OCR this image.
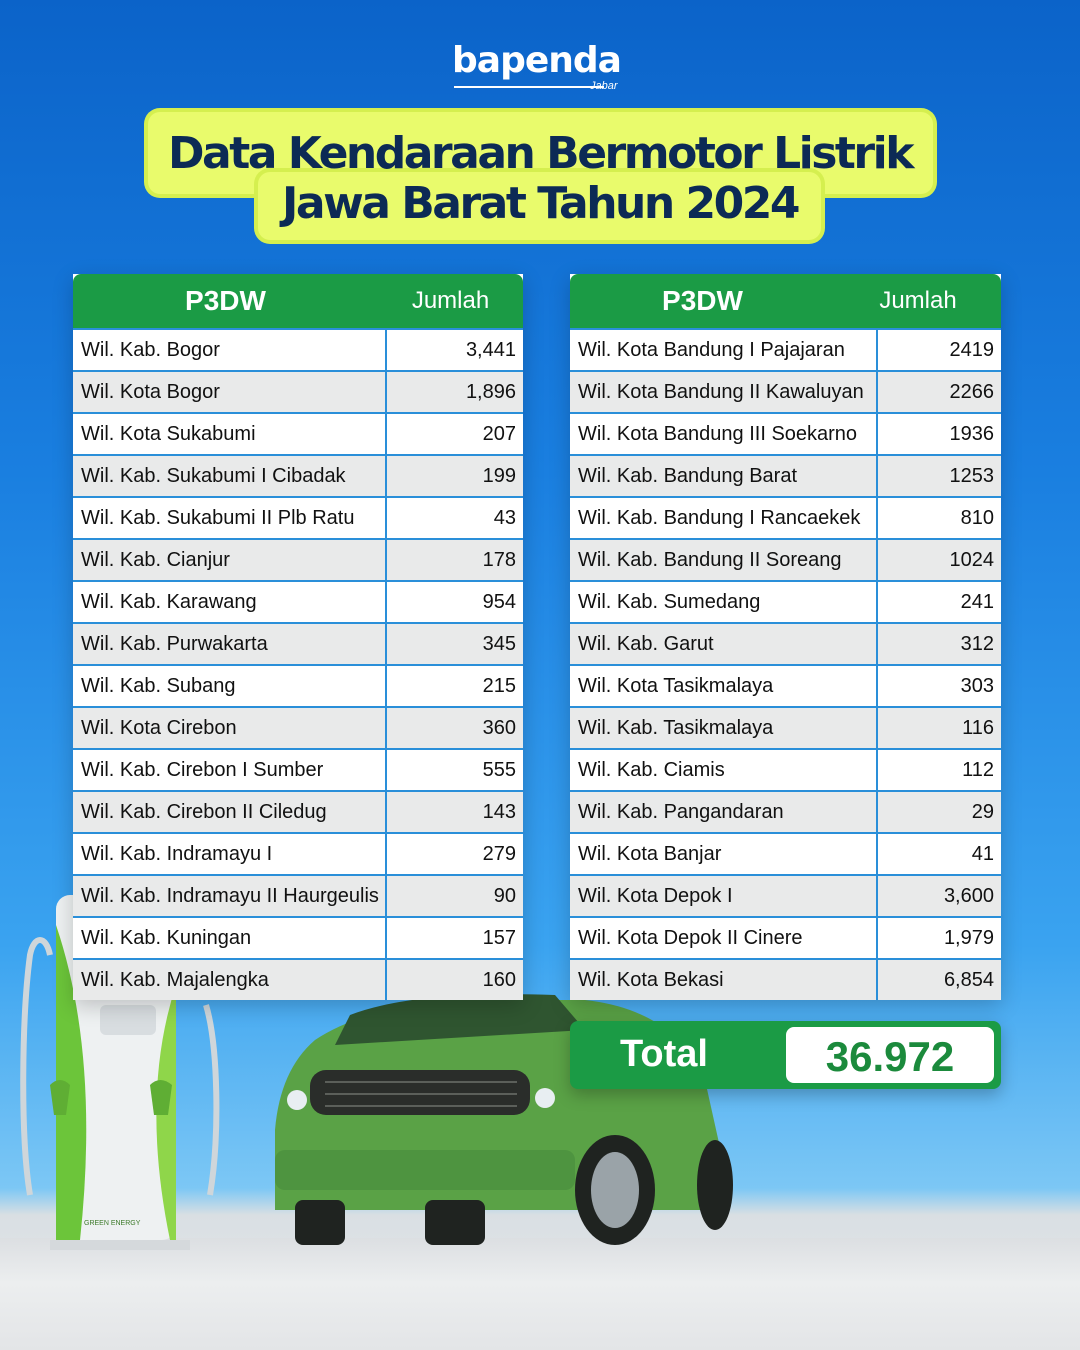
bapenda
Jabar
Data Kendaraan Bermotor Listrik
Jawa Barat Tahun 2024
GREEN ENERGY
P3DW	Jumlah
Wil. Kab. Bogor	3,441
Wil. Kota Bogor	1,896
Wil. Kota Sukabumi	207
Wil. Kab. Sukabumi I Cibadak	199
Wil. Kab. Sukabumi II Plb Ratu	43
Wil. Kab. Cianjur	178
Wil. Kab. Karawang	954
Wil. Kab. Purwakarta	345
Wil. Kab. Subang	215
Wil. Kota Cirebon	360
Wil. Kab. Cirebon I Sumber	555
Wil. Kab. Cirebon II Ciledug	143
Wil. Kab. Indramayu I	279
Wil. Kab. Indramayu II Haurgeulis	90
Wil. Kab. Kuningan	157
Wil. Kab. Majalengka	160
P3DW	Jumlah
Wil. Kota Bandung I Pajajaran	2419
Wil. Kota Bandung II Kawaluyan	2266
Wil. Kota Bandung III Soekarno	1936
Wil. Kab. Bandung Barat	1253
Wil. Kab. Bandung I Rancaekek	810
Wil. Kab. Bandung II Soreang	1024
Wil. Kab. Sumedang	241
Wil. Kab. Garut	312
Wil. Kota Tasikmalaya	303
Wil. Kab. Tasikmalaya	116
Wil. Kab. Ciamis	112
Wil. Kab. Pangandaran	29
Wil. Kota Banjar	41
Wil. Kota Depok I	3,600
Wil. Kota Depok II Cinere	1,979
Wil. Kota Bekasi	6,854
Total	36.972
